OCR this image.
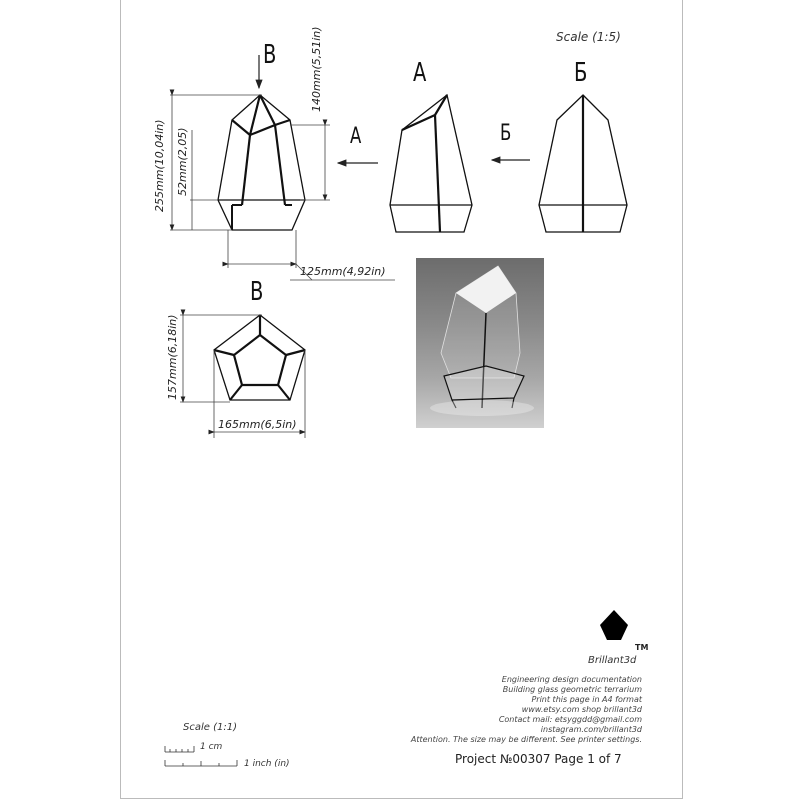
255mm(10,04in) 52mm(2,05)
140mm(5,51in)
125mm(4,92in)
157mm(6,18in)
165mm(6,5in)
В
А	Б
А	Б
В
Scale (1:5)
Brillant3d
TM
Engineering design documentation
Building glass geometric terrarium
Print this page in A4 format
www.etsy.com shop brillant3d
Contact mail: etsyggdd@gmail.com
instagram.com/brillant3d
Attention. The size may be different. See printer settings.
Project №00307 Page 1 of 7
Scale (1:1)
1 cm
1 inch (in)
